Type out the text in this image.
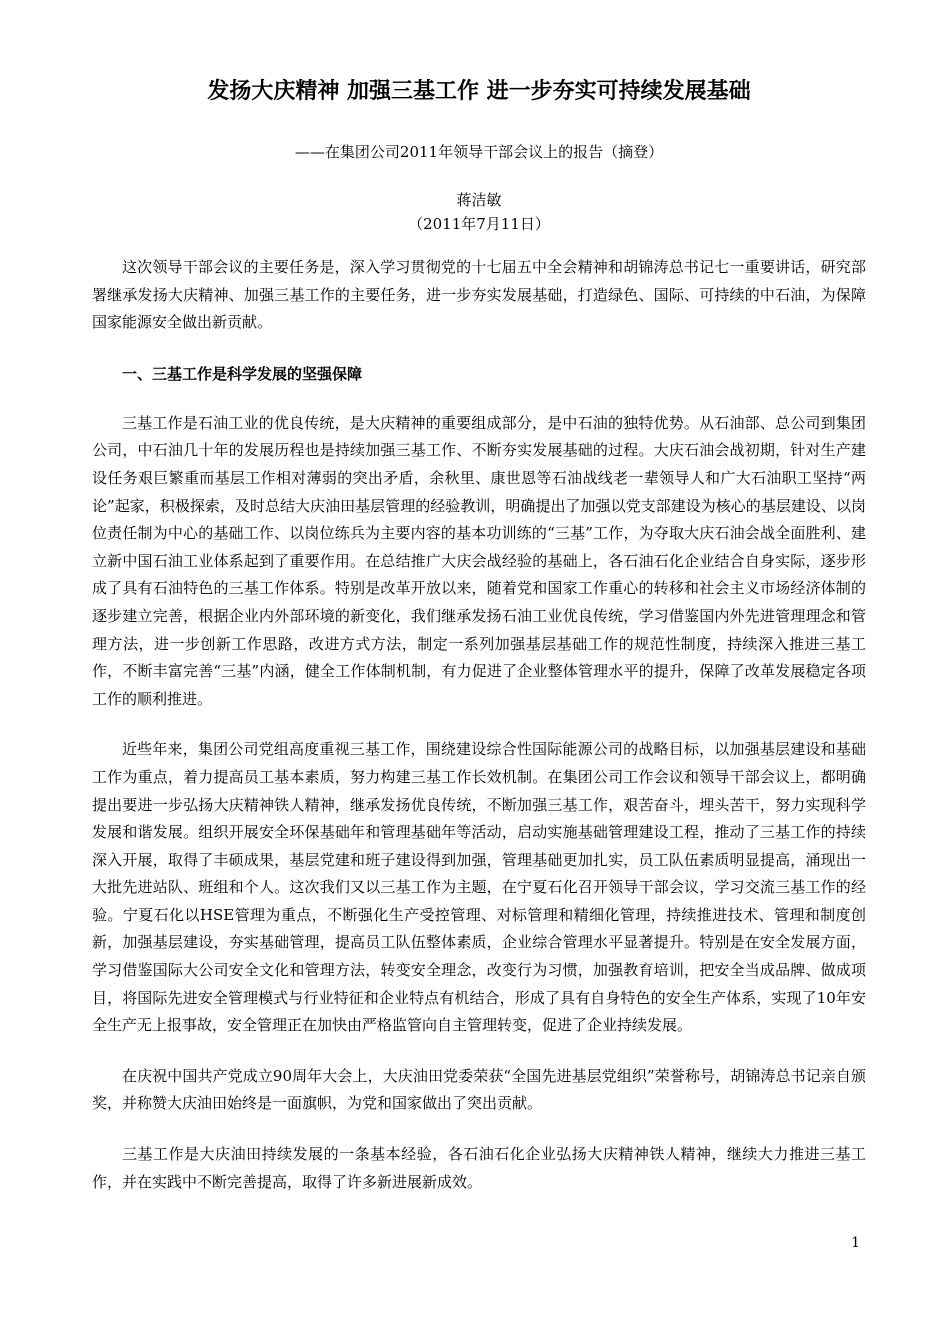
发扬大庆精神 加强三基工作 进一步夯实可持续发展基础

——在集团公司2011年领导干部会议上的报告（摘登）

蒋洁敏

（2011年7月11日）

这次领导干部会议的主要任务是，深入学习贯彻党的十七届五中全会精神和胡锦涛总书记七一重要讲话，研究部署继承发扬大庆精神、加强三基工作的主要任务，进一步夯实发展基础，打造绿色、国际、可持续的中石油，为保障国家能源安全做出新贡献。

一、三基工作是科学发展的坚强保障

三基工作是石油工业的优良传统，是大庆精神的重要组成部分，是中石油的独特优势。从石油部、总公司到集团公司，中石油几十年的发展历程也是持续加强三基工作、不断夯实发展基础的过程。大庆石油会战初期，针对生产建设任务艰巨繁重而基层工作相对薄弱的突出矛盾，余秋里、康世恩等石油战线老一辈领导人和广大石油职工坚持“两论”起家，积极探索，及时总结大庆油田基层管理的经验教训，明确提出了加强以党支部建设为核心的基层建设、以岗位责任制为中心的基础工作、以岗位练兵为主要内容的基本功训练的“三基”工作，为夺取大庆石油会战全面胜利、建立新中国石油工业体系起到了重要作用。在总结推广大庆会战经验的基础上，各石油石化企业结合自身实际，逐步形成了具有石油特色的三基工作体系。特别是改革开放以来，随着党和国家工作重心的转移和社会主义市场经济体制的逐步建立完善，根据企业内外部环境的新变化，我们继承发扬石油工业优良传统，学习借鉴国内外先进管理理念和管理方法，进一步创新工作思路，改进方式方法，制定一系列加强基层基础工作的规范性制度，持续深入推进三基工作，不断丰富完善“三基”内涵，健全工作体制机制，有力促进了企业整体管理水平的提升，保障了改革发展稳定各项工作的顺利推进。

近些年来，集团公司党组高度重视三基工作，围绕建设综合性国际能源公司的战略目标，以加强基层建设和基础工作为重点，着力提高员工基本素质，努力构建三基工作长效机制。在集团公司工作会议和领导干部会议上，都明确提出要进一步弘扬大庆精神铁人精神，继承发扬优良传统，不断加强三基工作，艰苦奋斗，埋头苦干，努力实现科学发展和谐发展。组织开展安全环保基础年和管理基础年等活动，启动实施基础管理建设工程，推动了三基工作的持续深入开展，取得了丰硕成果，基层党建和班子建设得到加强，管理基础更加扎实，员工队伍素质明显提高，涌现出一大批先进站队、班组和个人。这次我们又以三基工作为主题，在宁夏石化召开领导干部会议，学习交流三基工作的经验。宁夏石化以HSE管理为重点，不断强化生产受控管理、对标管理和精细化管理，持续推进技术、管理和制度创新，加强基层建设，夯实基础管理，提高员工队伍整体素质，企业综合管理水平显著提升。特别是在安全发展方面，学习借鉴国际大公司安全文化和管理方法，转变安全理念，改变行为习惯，加强教育培训，把安全当成品牌、做成项目，将国际先进安全管理模式与行业特征和企业特点有机结合，形成了具有自身特色的安全生产体系，实现了10年安全生产无上报事故，安全管理正在加快由严格监管向自主管理转变，促进了企业持续发展。

在庆祝中国共产党成立90周年大会上，大庆油田党委荣获“全国先进基层党组织”荣誉称号，胡锦涛总书记亲自颁奖，并称赞大庆油田始终是一面旗帜，为党和国家做出了突出贡献。

三基工作是大庆油田持续发展的一条基本经验，各石油石化企业弘扬大庆精神铁人精神，继续大力推进三基工作，并在实践中不断完善提高，取得了许多新进展新成效。

1
